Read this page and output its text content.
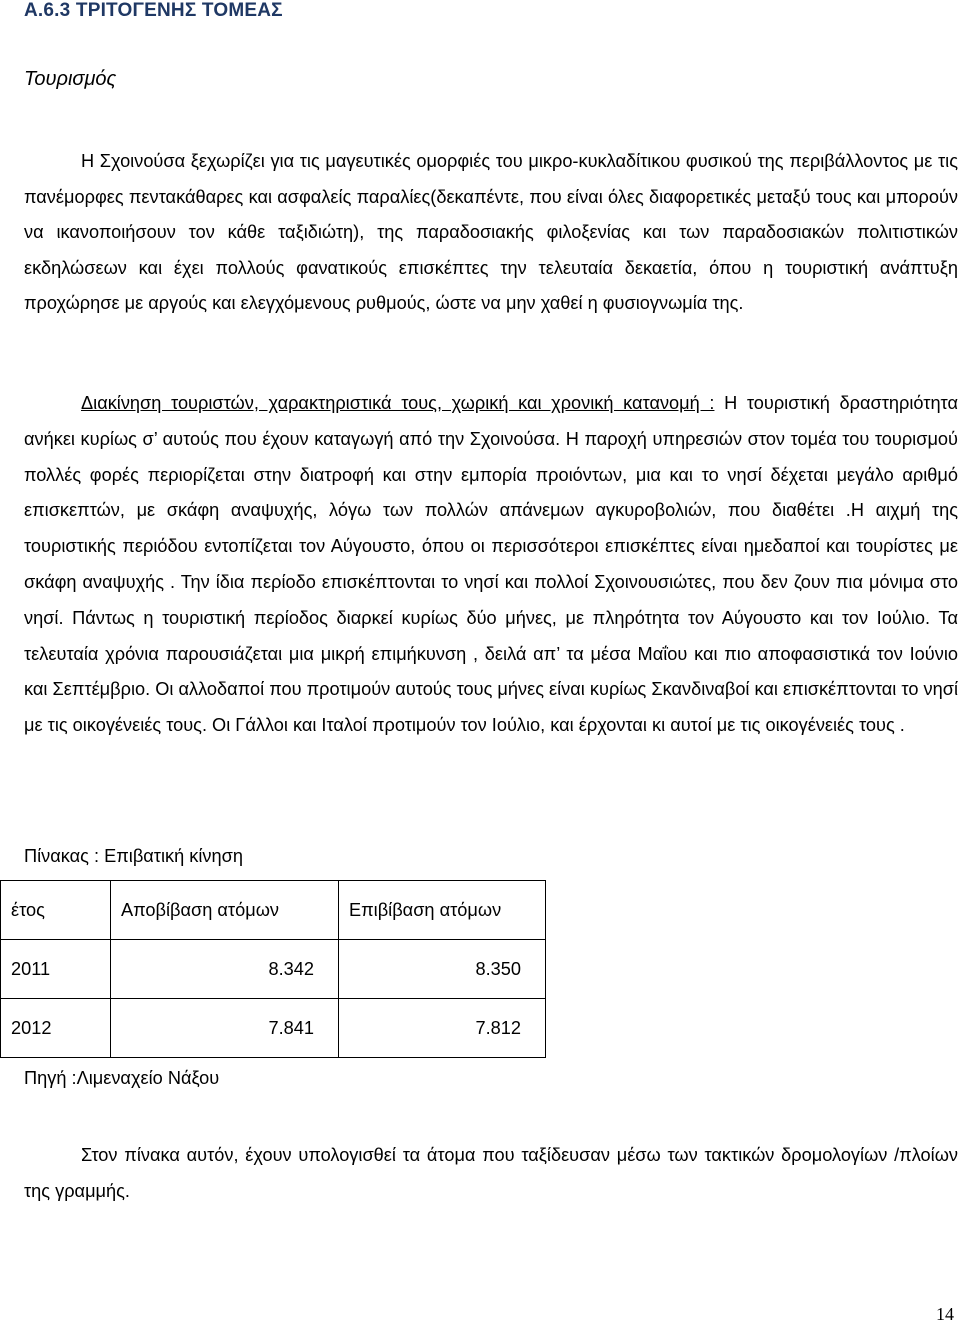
A.6.3 ΤΡΙΤΟΓΕΝΗΣ ΤΟΜΕΑΣ
Τουρισμός

Η Σχοινούσα ξεχωρίζει για τις μαγευτικές ομορφιές του μικρο-κυκλαδίτικου φυσικού της περιβάλλοντος με τις πανέμορφες πεντακάθαρες και ασφαλείς παραλίες(δεκαπέντε, που είναι όλες διαφορετικές μεταξύ τους και μπορούν να ικανοποιήσουν τον κάθε ταξιδιώτη), της παραδοσιακής φιλοξενίας και των παραδοσιακών πολιτιστικών εκδηλώσεων και έχει πολλούς φανατικούς επισκέπτες την τελευταία δεκαετία, όπου η τουριστική ανάπτυξη προχώρησε με αργούς και ελεγχόμενους ρυθμούς, ώστε να μην χαθεί η φυσιογνωμία της.

Διακίνηση τουριστών, χαρακτηριστικά τους, χωρική και χρονική κατανομή : Η τουριστική δραστηριότητα ανήκει κυρίως σ’ αυτούς που έχουν καταγωγή από την Σχοινούσα. Η παροχή υπηρεσιών στον τομέα του τουρισμού πολλές φορές περιορίζεται στην διατροφή και στην εμπορία προιόντων, μια και το νησί δέχεται μεγάλο αριθμό επισκεπτών, με σκάφη αναψυχής, λόγω των πολλών απάνεμων αγκυροβολιών, που διαθέτει .Η αιχμή της τουριστικής περιόδου εντοπίζεται τον Αύγουστο, όπου οι περισσότεροι επισκέπτες είναι ημεδαποί και τουρίστες με σκάφη αναψυχής . Την ίδια περίοδο επισκέπτονται το νησί και πολλοί Σχοινουσιώτες, που δεν ζουν πια μόνιμα στο νησί. Πάντως η τουριστική περίοδος διαρκεί κυρίως δύο μήνες, με πληρότητα τον Αύγουστο και τον Ιούλιο. Τα τελευταία χρόνια παρουσιάζεται μια μικρή επιμήκυνση , δειλά απ’ τα μέσα Μαΐου και πιο αποφασιστικά τον Ιούνιο και Σεπτέμβριο. Οι αλλοδαποί που προτιμούν αυτούς τους μήνες είναι κυρίως Σκανδιναβοί και επισκέπτονται το νησί με τις οικογένειές τους. Οι Γάλλοι και Ιταλοί προτιμούν τον Ιούλιο, και έρχονται κι αυτοί με τις οικογένειές τους .

Πίνακας : Επιβατική κίνηση
έτος	Αποβίβαση ατόμων	Επιβίβαση ατόμων
2011	8.342	8.350
2012	7.841	7.812
Πηγή :Λιμεναχείο Νάξου

Στον πίνακα αυτόν, έχουν υπολογισθεί τα άτομα που ταξίδευσαν μέσω των τακτικών δρομολογίων /πλοίων της γραμμής.

14
